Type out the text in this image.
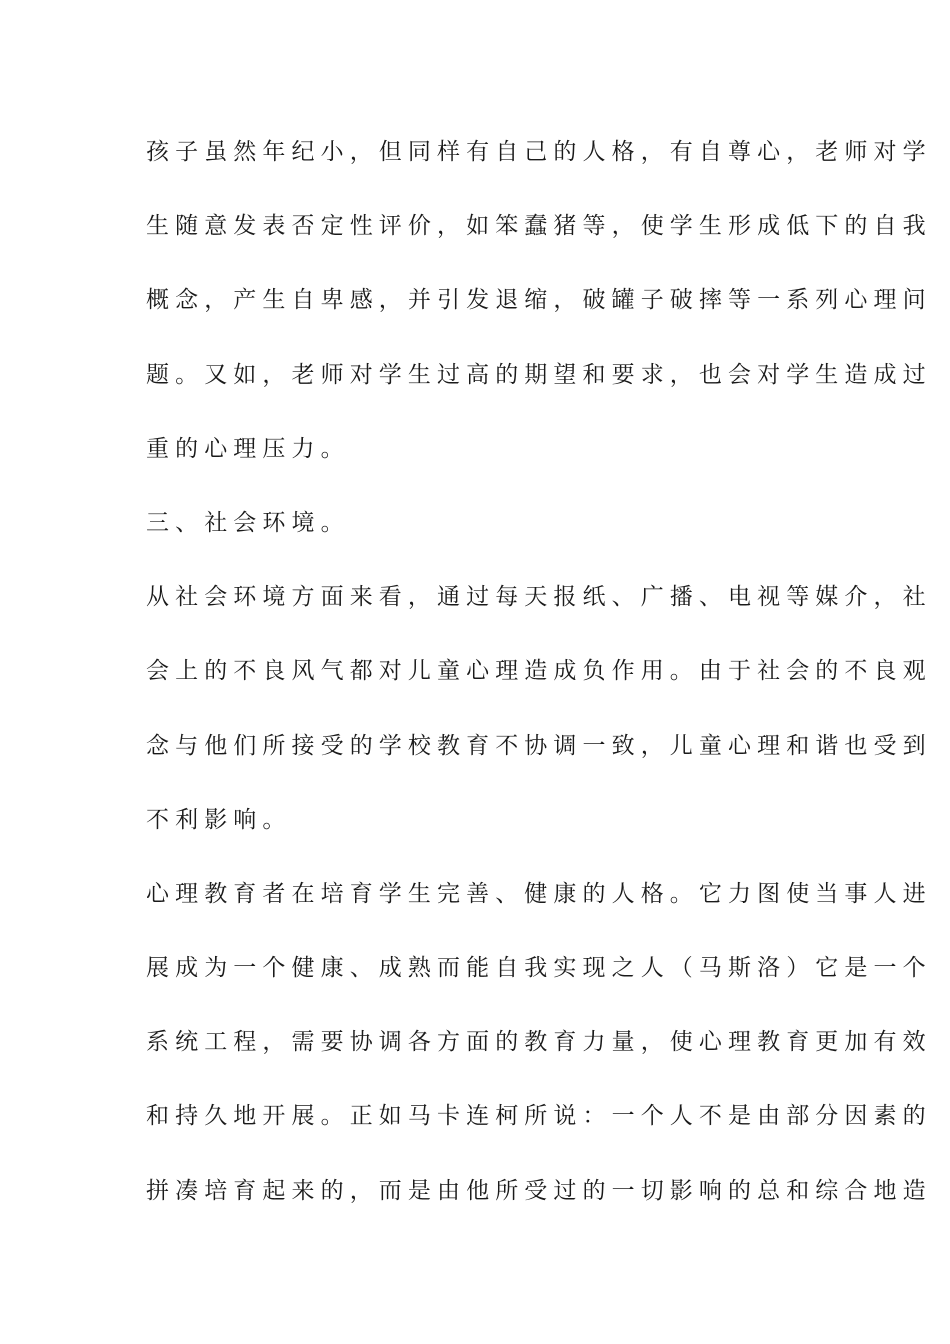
孩子虽然年纪小，但同样有自己的人格，有自尊心，老师对学
生随意发表否定性评价，如笨蠢猪等，使学生形成低下的自我
概念，产生自卑感，并引发退缩，破罐子破摔等一系列心理问
题。又如，老师对学生过高的期望和要求，也会对学生造成过
重的心理压力。
三、社会环境。
从社会环境方面来看，通过每天报纸、广播、电视等媒介，社
会上的不良风气都对儿童心理造成负作用。由于社会的不良观
念与他们所接受的学校教育不协调一致，儿童心理和谐也受到
不利影响。
心理教育者在培育学生完善、健康的人格。它力图使当事人进
展成为一个健康、成熟而能自我实现之人（马斯洛）它是一个
系统工程，需要协调各方面的教育力量，使心理教育更加有效
和持久地开展。正如马卡连柯所说：一个人不是由部分因素的
拼凑培育起来的，而是由他所受过的一切影响的总和综合地造
